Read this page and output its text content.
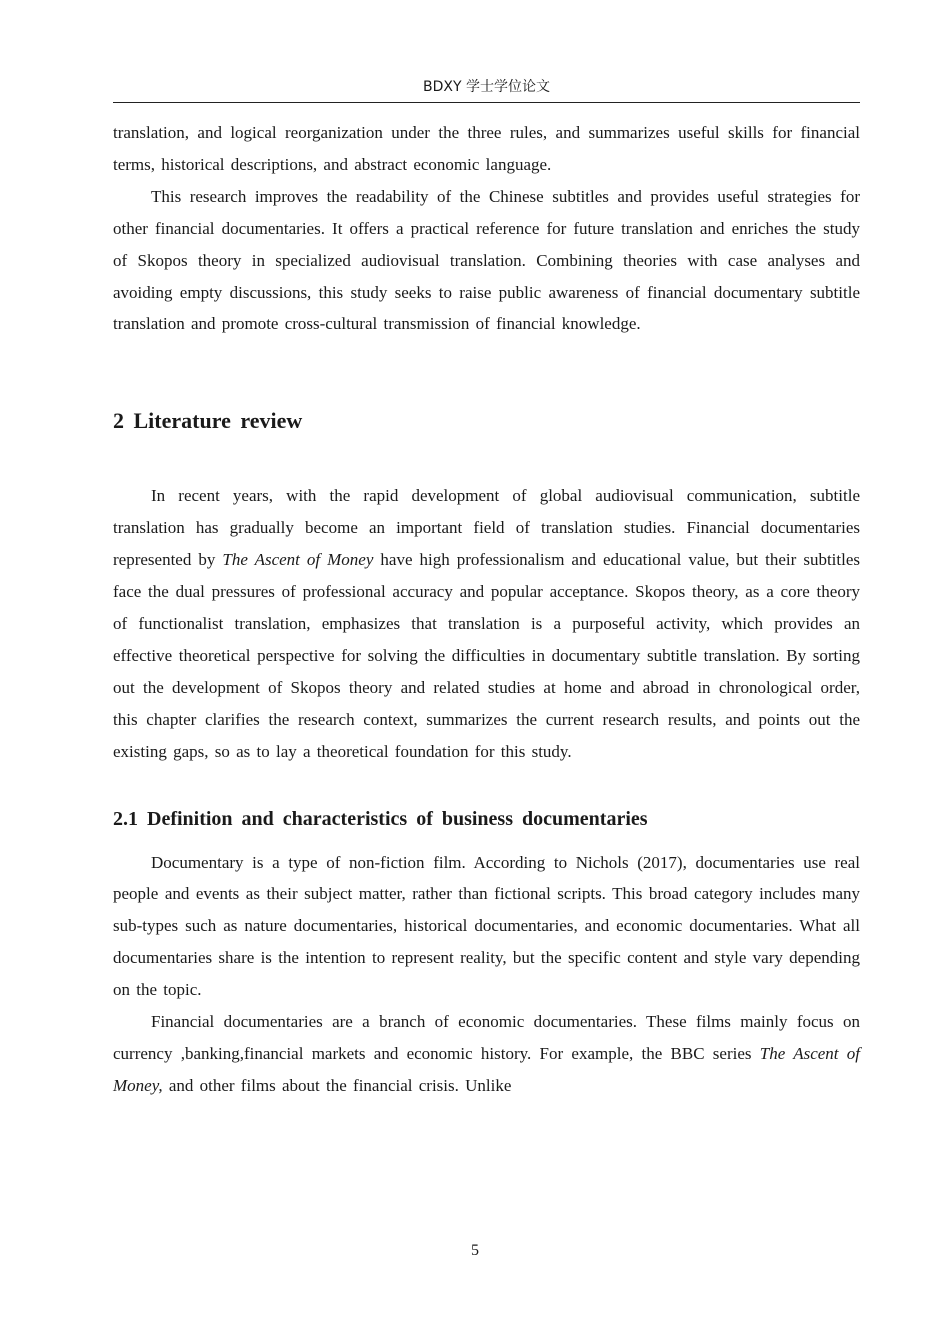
BDXY 学士学位论文

translation, and logical reorganization under the three rules, and summarizes useful skills for financial terms, historical descriptions, and abstract economic language.

This research improves the readability of the Chinese subtitles and provides useful strategies for other financial documentaries. It offers a practical reference for future translation and enriches the study of Skopos theory in specialized audiovisual translation. Combining theories with case analyses and avoiding empty discussions, this study seeks to raise public awareness of financial documentary subtitle translation and promote cross-cultural transmission of financial knowledge.

2 Literature review

In recent years, with the rapid development of global audiovisual communication, subtitle translation has gradually become an important field of translation studies. Financial documentaries represented by The Ascent of Money have high professionalism and educational value, but their subtitles face the dual pressures of professional accuracy and popular acceptance. Skopos theory, as a core theory of functionalist translation, emphasizes that translation is a purposeful activity, which provides an effective theoretical perspective for solving the difficulties in documentary subtitle translation. By sorting out the development of Skopos theory and related studies at home and abroad in chronological order, this chapter clarifies the research context, summarizes the current research results, and points out the existing gaps, so as to lay a theoretical foundation for this study.

2.1 Definition and characteristics of business documentaries

Documentary is a type of non-fiction film. According to Nichols (2017), documentaries use real people and events as their subject matter, rather than fictional scripts. This broad category includes many sub-types such as nature documentaries, historical documentaries, and economic documentaries. What all documentaries share is the intention to represent reality, but the specific content and style vary depending on the topic.

Financial documentaries are a branch of economic documentaries. These films mainly focus on currency ,banking,financial markets and economic history. For example, the BBC series The Ascent of Money, and other films about the financial crisis. Unlike

5
